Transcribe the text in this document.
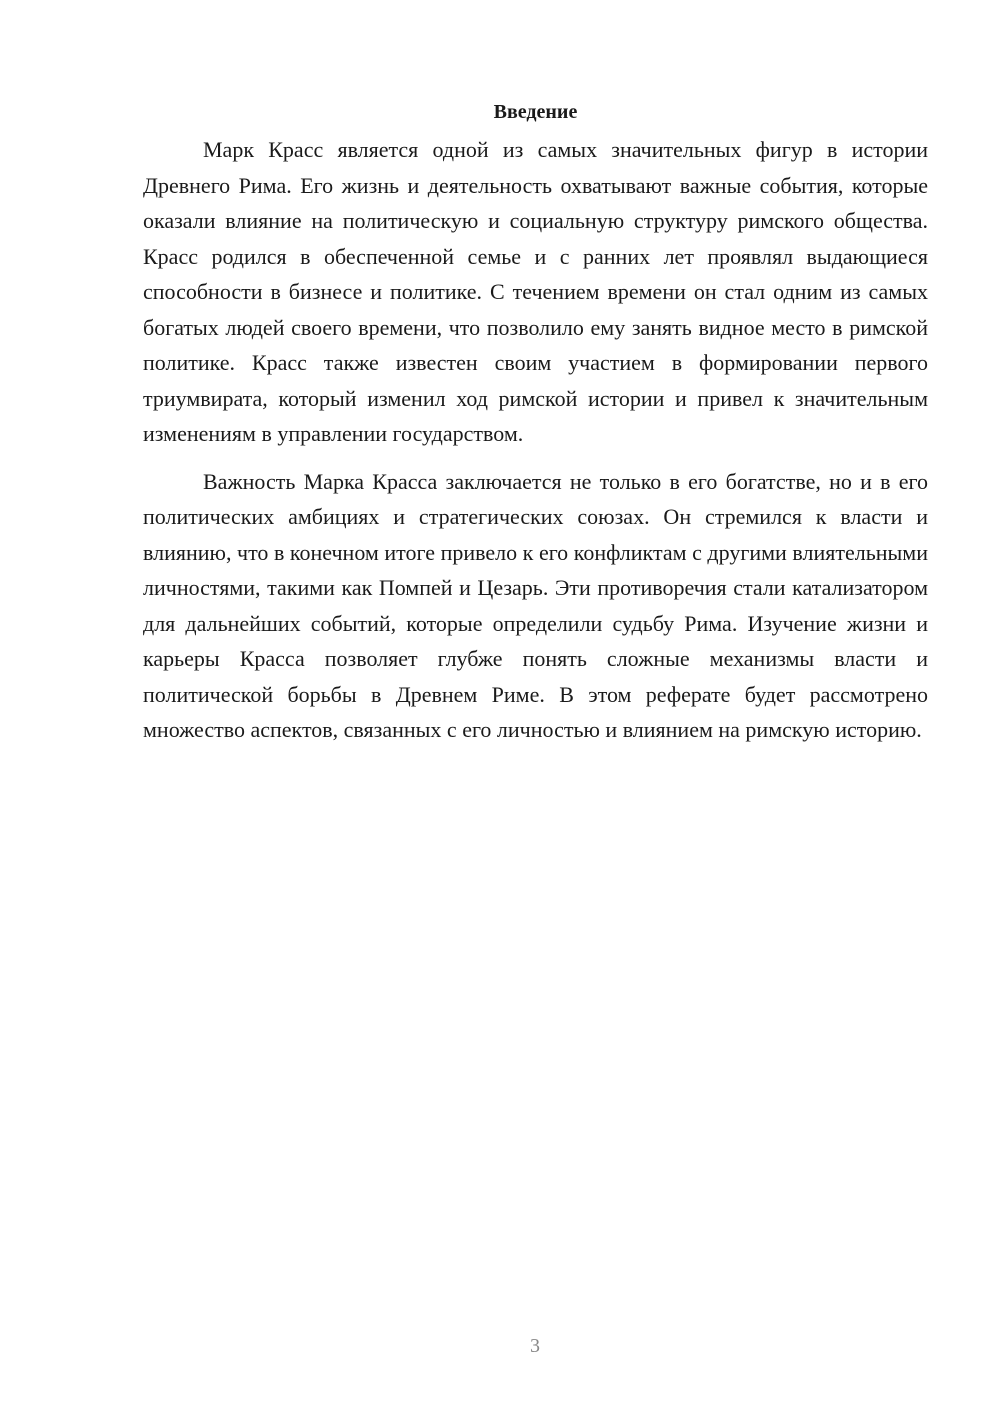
Введение

Марк Красс является одной из самых значительных фигур в истории Древнего Рима. Его жизнь и деятельность охватывают важные события, которые оказали влияние на политическую и социальную структуру римского общества. Красс родился в обеспеченной семье и с ранних лет проявлял выдающиеся способности в бизнесе и политике. С течением времени он стал одним из самых богатых людей своего времени, что позволило ему занять видное место в римской политике. Красс также известен своим участием в формировании первого триумвирата, который изменил ход римской истории и привел к значительным изменениям в управлении государством.

Важность Марка Красса заключается не только в его богатстве, но и в его политических амбициях и стратегических союзах. Он стремился к власти и влиянию, что в конечном итоге привело к его конфликтам с другими влиятельными личностями, такими как Помпей и Цезарь. Эти противоречия стали катализатором для дальнейших событий, которые определили судьбу Рима. Изучение жизни и карьеры Красса позволяет глубже понять сложные механизмы власти и политической борьбы в Древнем Риме. В этом реферате будет рассмотрено множество аспектов, связанных с его личностью и влиянием на римскую историю.

3
